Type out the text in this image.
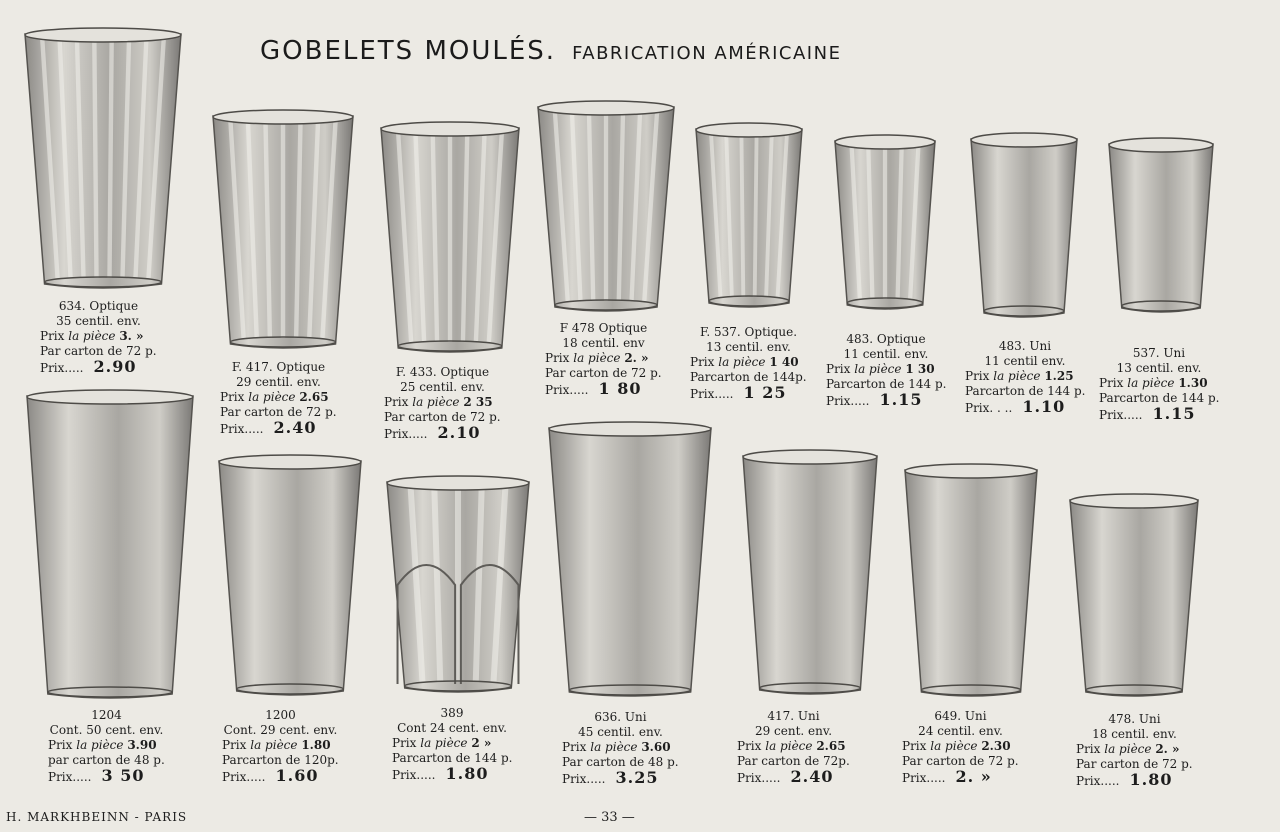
GOBELETS MOULÉS. FABRICATION AMÉRICAINE
634. Optique
35 centil. env.
Prix la pièce 3. »
Par carton de 72 p.
Prix..... 2.90	F. 417. Optique
29 centil. env.
Prix la pièce 2.65
Par carton de 72 p.
Prix..... 2.40
F. 433. Optique
25 centil. env.
Prix la pièce 2 35
Par carton de 72 p.
Prix..... 2.10
F 478 Optique
18 centil. env
Prix la pièce 2. »
Par carton de 72 p.
Prix..... 1 80
F. 537. Optique.
13 centil. env.
Prix la pièce 1 40
Parcarton de 144p.
Prix..... 1 25
483. Optique
11 centil. env.
Prix la pièce 1 30
Parcarton de 144 p.
Prix..... 1.15
483. Uni
11 centil env.
Prix la pièce 1.25
Parcarton de 144 p.
Prix. . .. 1.10
537. Uni
13 centil. env.
Prix la pièce 1.30
Parcarton de 144 p.
Prix..... 1.15
1204
Cont. 50 cent. env.
Prix la pièce 3.90
par carton de 48 p.
Prix..... 3 50
1200
Cont. 29 cent. env.
Prix la pièce 1.80
Parcarton de 120p.
Prix..... 1.60
389
Cont 24 cent. env.
Prix la pièce 2 »
Parcarton de 144 p.
Prix..... 1.80
636. Uni
45 centil. env.
Prix la pièce 3.60
Par carton de 48 p.
Prix..... 3.25
417. Uni
29 cent. env.
Prix la pièce 2.65
Par carton de 72p.
Prix..... 2.40
649. Uni
24 centil. env.
Prix la pièce 2.30
Par carton de 72 p.
Prix..... 2. »
478. Uni
18 centil. env.
Prix la pièce 2. »
Par carton de 72 p.
Prix..... 1.80
H. MARKHBEINN - PARIS	— 33 —
